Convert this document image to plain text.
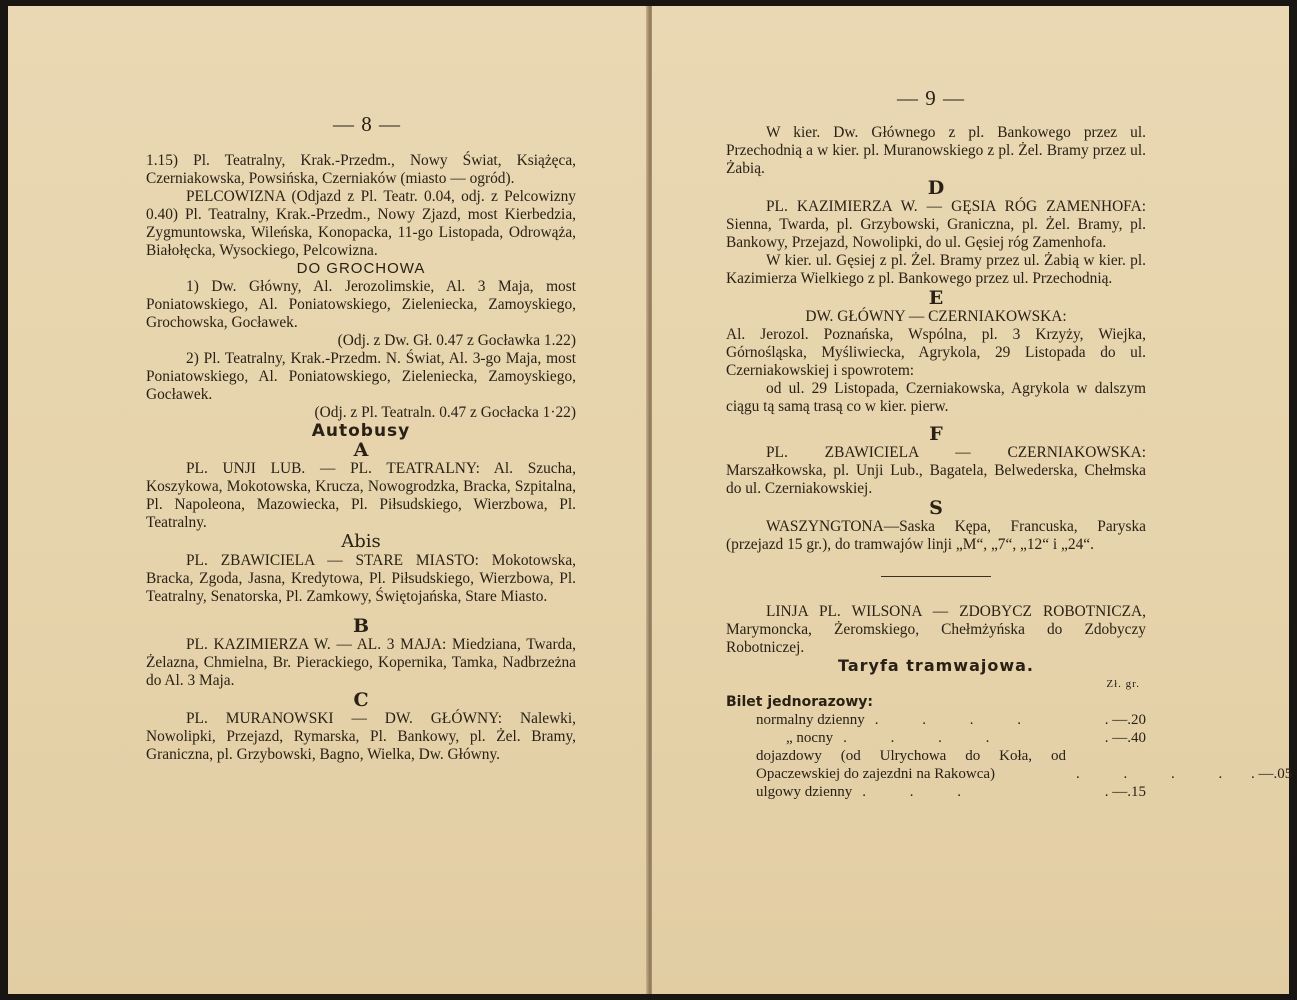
— 8 —

1.15) Pl. Teatralny, Krak.-Przedm., Nowy Świat, Książęca, Czerniakowska, Powsińska, Czerniaków (miasto — ogród).

PELCOWIZNA (Odjazd z Pl. Teatr. 0.04, odj. z Pelcowizny 0.40) Pl. Teatralny, Krak.-Przedm., Nowy Zjazd, most Kierbedzia, Zygmuntowska, Wileńska, Konopacka, 11-go Listopada, Odrowąża, Białołęcka, Wysockiego, Pelcowizna.

DO GROCHOWA

1) Dw. Główny, Al. Jerozolimskie, Al. 3 Maja, most Poniatowskiego, Al. Poniatowskiego, Zieleniecka, Zamoyskiego, Grochowska, Gocławek.

(Odj. z Dw. Gł. 0.47 z Gocławka 1.22)

2) Pl. Teatralny, Krak.-Przedm. N. Świat, Al. 3-go Maja, most Poniatowskiego, Al. Poniatowskiego, Zieleniecka, Zamoyskiego, Gocławek.

(Odj. z Pl. Teatraln. 0.47 z Gocłacka 1·22)

Autobusy

A

PL. UNJI LUB. — PL. TEATRALNY: Al. Szucha, Koszykowa, Mokotowska, Krucza, Nowogrodzka, Bracka, Szpitalna, Pl. Napoleona, Mazowiecka, Pl. Piłsudskiego, Wierzbowa, Pl. Teatralny.

Abis

PL. ZBAWICIELA — STARE MIASTO: Mokotowska, Bracka, Zgoda, Jasna, Kredytowa, Pl. Piłsudskiego, Wierzbowa, Pl. Teatralny, Senatorska, Pl. Zamkowy, Świętojańska, Stare Miasto.

B

PL. KAZIMIERZA W. — AL. 3 MAJA: Miedziana, Twarda, Żelazna, Chmielna, Br. Pierackiego, Kopernika, Tamka, Nadbrzeżna do Al. 3 Maja.

C

PL. MURANOWSKI — DW. GŁÓWNY: Nalewki, Nowolipki, Przejazd, Rymarska, Pl. Bankowy, pl. Żel. Bramy, Graniczna, pl. Grzybowski, Bagno, Wielka, Dw. Główny.

— 9 —

W kier. Dw. Głównego z pl. Bankowego przez ul. Przechodnią a w kier. pl. Muranowskiego z pl. Żel. Bramy przez ul. Żabią.

D

PL. KAZIMIERZA W. — GĘSIA RÓG ZAMENHOFA: Sienna, Twarda, pl. Grzybowski, Graniczna, pl. Żel. Bramy, pl. Bankowy, Przejazd, Nowolipki, do ul. Gęsiej róg Zamenhofa.

W kier. ul. Gęsiej z pl. Żel. Bramy przez ul. Żabią w kier. pl. Kazimierza Wielkiego z pl. Bankowego przez ul. Przechodnią.

E

DW. GŁÓWNY — CZERNIAKOWSKA:

Al. Jerozol. Poznańska, Wspólna, pl. 3 Krzyży, Wiejka, Górnośląska, Myśliwiecka, Agrykola, 29 Listopada do ul. Czerniakowskiej i spowrotem:

od ul. 29 Listopada, Czerniakowska, Agrykola w dalszym ciągu tą samą trasą co w kier. pierw.

F

PL. ZBAWICIELA — CZERNIAKOWSKA: Marszałkowska, pl. Unji Lub., Bagatela, Belwederska, Chełmska do ul. Czerniakowskiej.

S

WASZYNGTONA—Saska Kępa, Francuska, Paryska (przejazd 15 gr.), do tramwajów linji „M“, „7“, „12“ i „24“.

LINJA PL. WILSONA — ZDOBYCZ ROBOTNICZA, Marymoncka, Żeromskiego, Chełmżyńska do Zdobyczy Robotniczej.

Taryfa tramwajowa.

Zł. gr.

Bilet jednorazowy:

normalny dzienny . . . .	. —.20
„ nocny . . . .	. —.40
dojazdowy (od Ulrychowa do Koła, od Opaczewskiej do zajezdni na Rakowca)	. . . . . —.05
ulgowy dzienny . . .	. —.15
